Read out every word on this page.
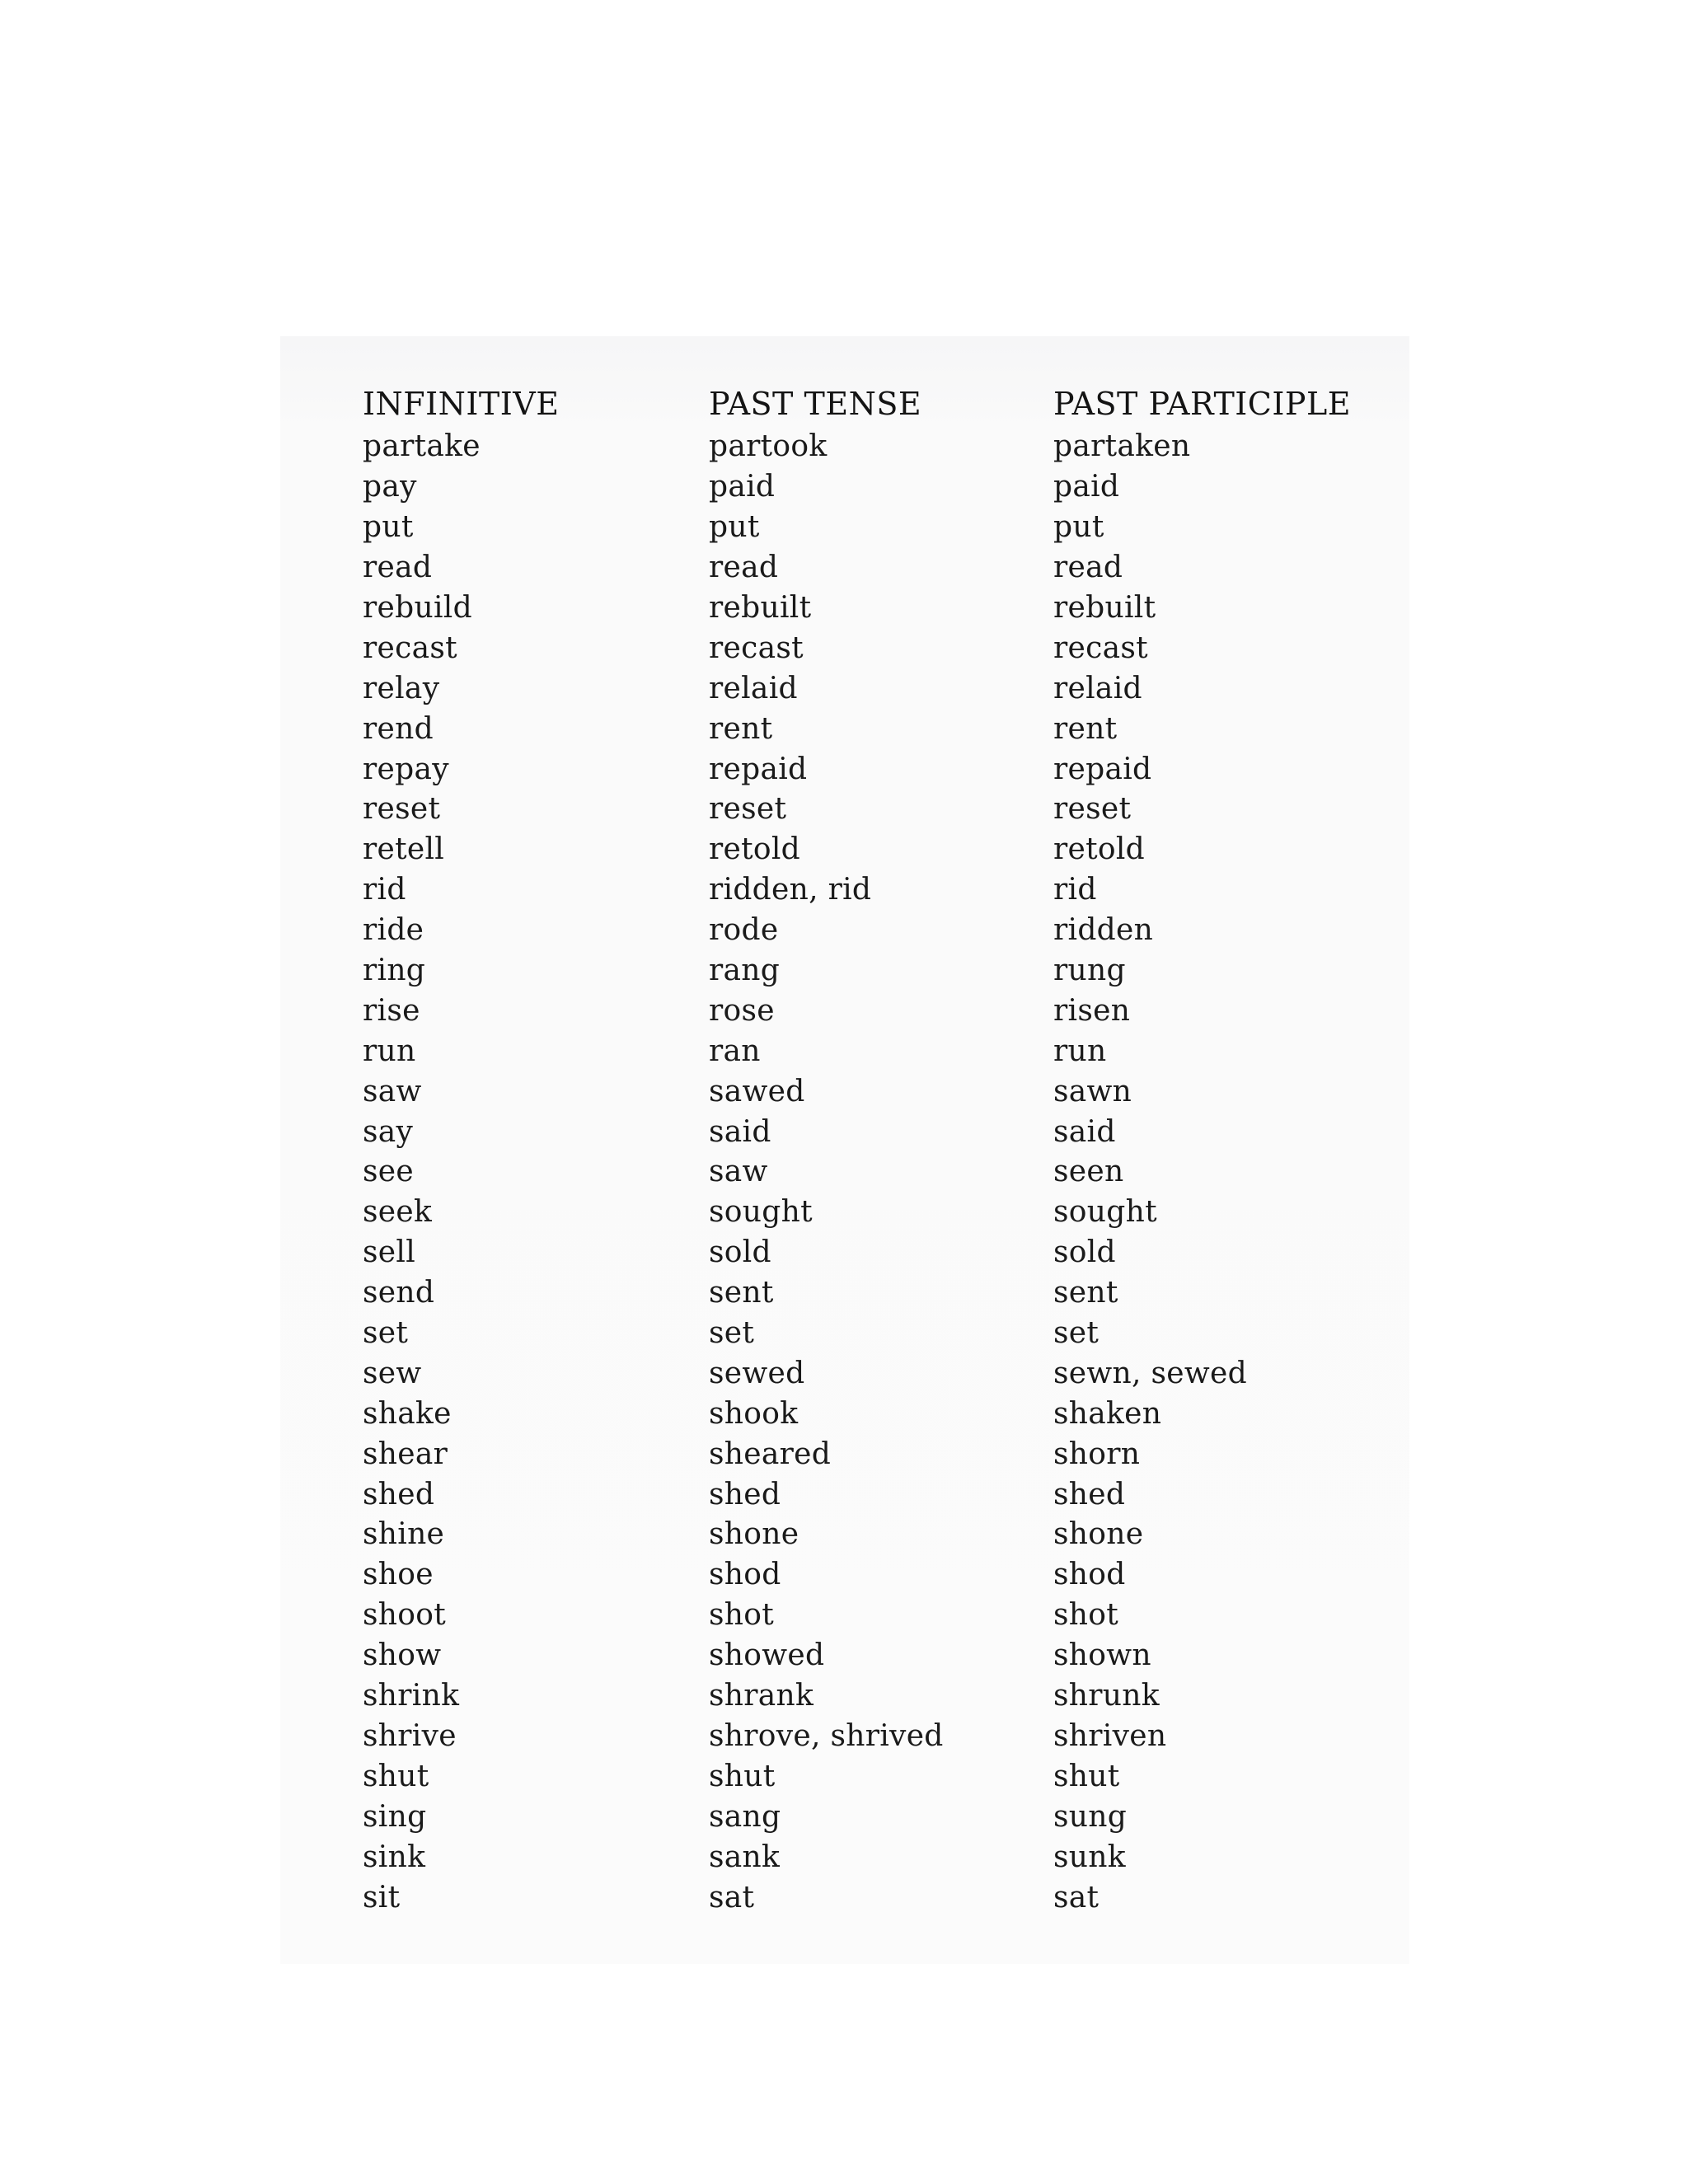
INFINITIVE	PAST TENSE	PAST PARTICIPLE
partake	partook	partaken
pay	paid	paid
put	put	put
read	read	read
rebuild	rebuilt	rebuilt
recast	recast	recast
relay	relaid	relaid
rend	rent	rent
repay	repaid	repaid
reset	reset	reset
retell	retold	retold
rid	ridden, rid	rid
ride	rode	ridden
ring	rang	rung
rise	rose	risen
run	ran	run
saw	sawed	sawn
say	said	said
see	saw	seen
seek	sought	sought
sell	sold	sold
send	sent	sent
set	set	set
sew	sewed	sewn, sewed
shake	shook	shaken
shear	sheared	shorn
shed	shed	shed
shine	shone	shone
shoe	shod	shod
shoot	shot	shot
show	showed	shown
shrink	shrank	shrunk
shrive	shrove, shrived	shriven
shut	shut	shut
sing	sang	sung
sink	sank	sunk
sit	sat	sat
